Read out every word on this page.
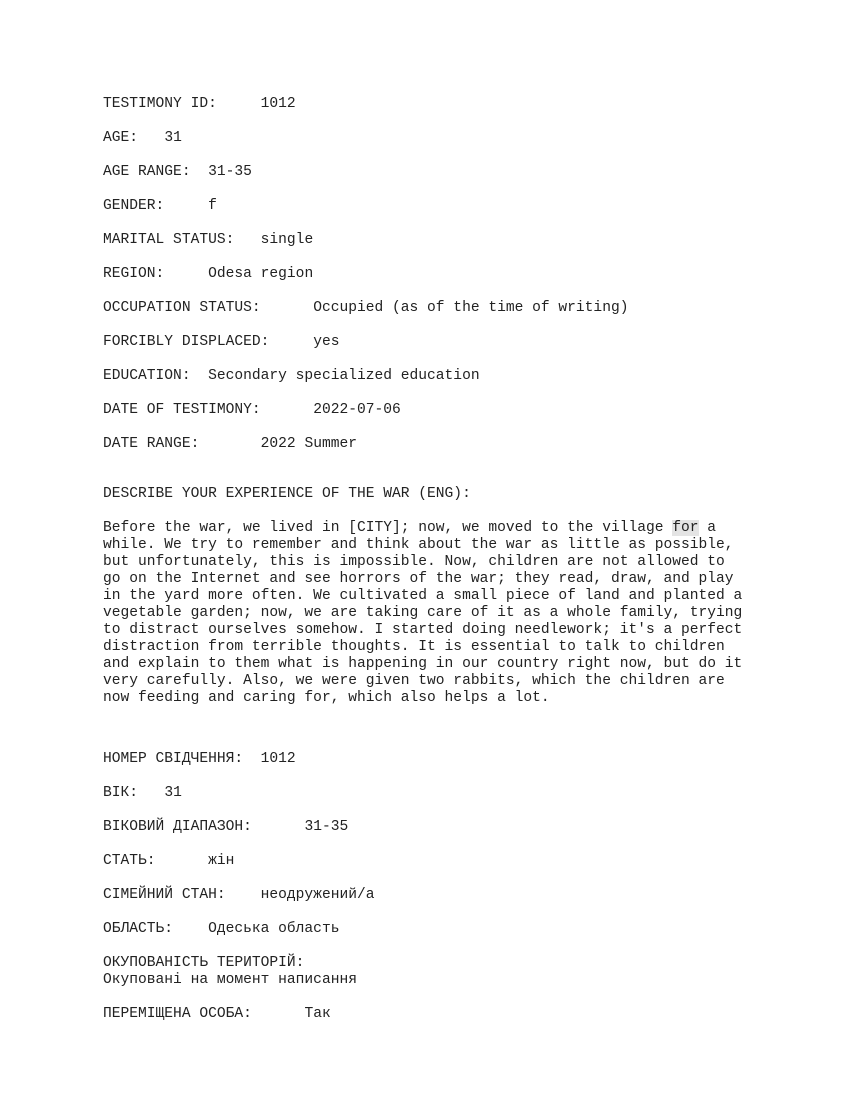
TESTIMONY ID:	1012
AGE: 31
AGE RANGE: 31-35
GENDER:	f
MARITAL STATUS: single
REGION:	Odesa region
OCCUPATION STATUS:	Occupied (as of the time of writing)
FORCIBLY DISPLACED:	yes
EDUCATION: Secondary specialized education
DATE OF TESTIMONY:	2022-07-06
DATE RANGE:	2022 Summer
DESCRIBE YOUR EXPERIENCE OF THE WAR (ENG):
Before the war, we lived in [CITY]; now, we moved to the village for a
while. We try to remember and think about the war as little as possible,
but unfortunately, this is impossible. Now, children are not allowed to
go on the Internet and see horrors of the war; they read, draw, and play
in the yard more often. We cultivated a small piece of land and planted a
vegetable garden; now, we are taking care of it as a whole family, trying
to distract ourselves somehow. I started doing needlework; it's a perfect
distraction from terrible thoughts. It is essential to talk to children
and explain to them what is happening in our country right now, but do it
very carefully. Also, we were given two rabbits, which the children are
now feeding and caring for, which also helps a lot.
НОМЕР СВІДЧЕННЯ: 1012
ВІК: 31
ВІКОВИЙ ДІАПАЗОН:	31-35
СТАТЬ:	жін
СІМЕЙНИЙ СТАН: неодружений/а
ОБЛАСТЬ: Одеська область
ОКУПОВАНІСТЬ ТЕРИТОРІЙ:
Окуповані на момент написання
ПЕРЕМІЩЕНА ОСОБА:	Так
